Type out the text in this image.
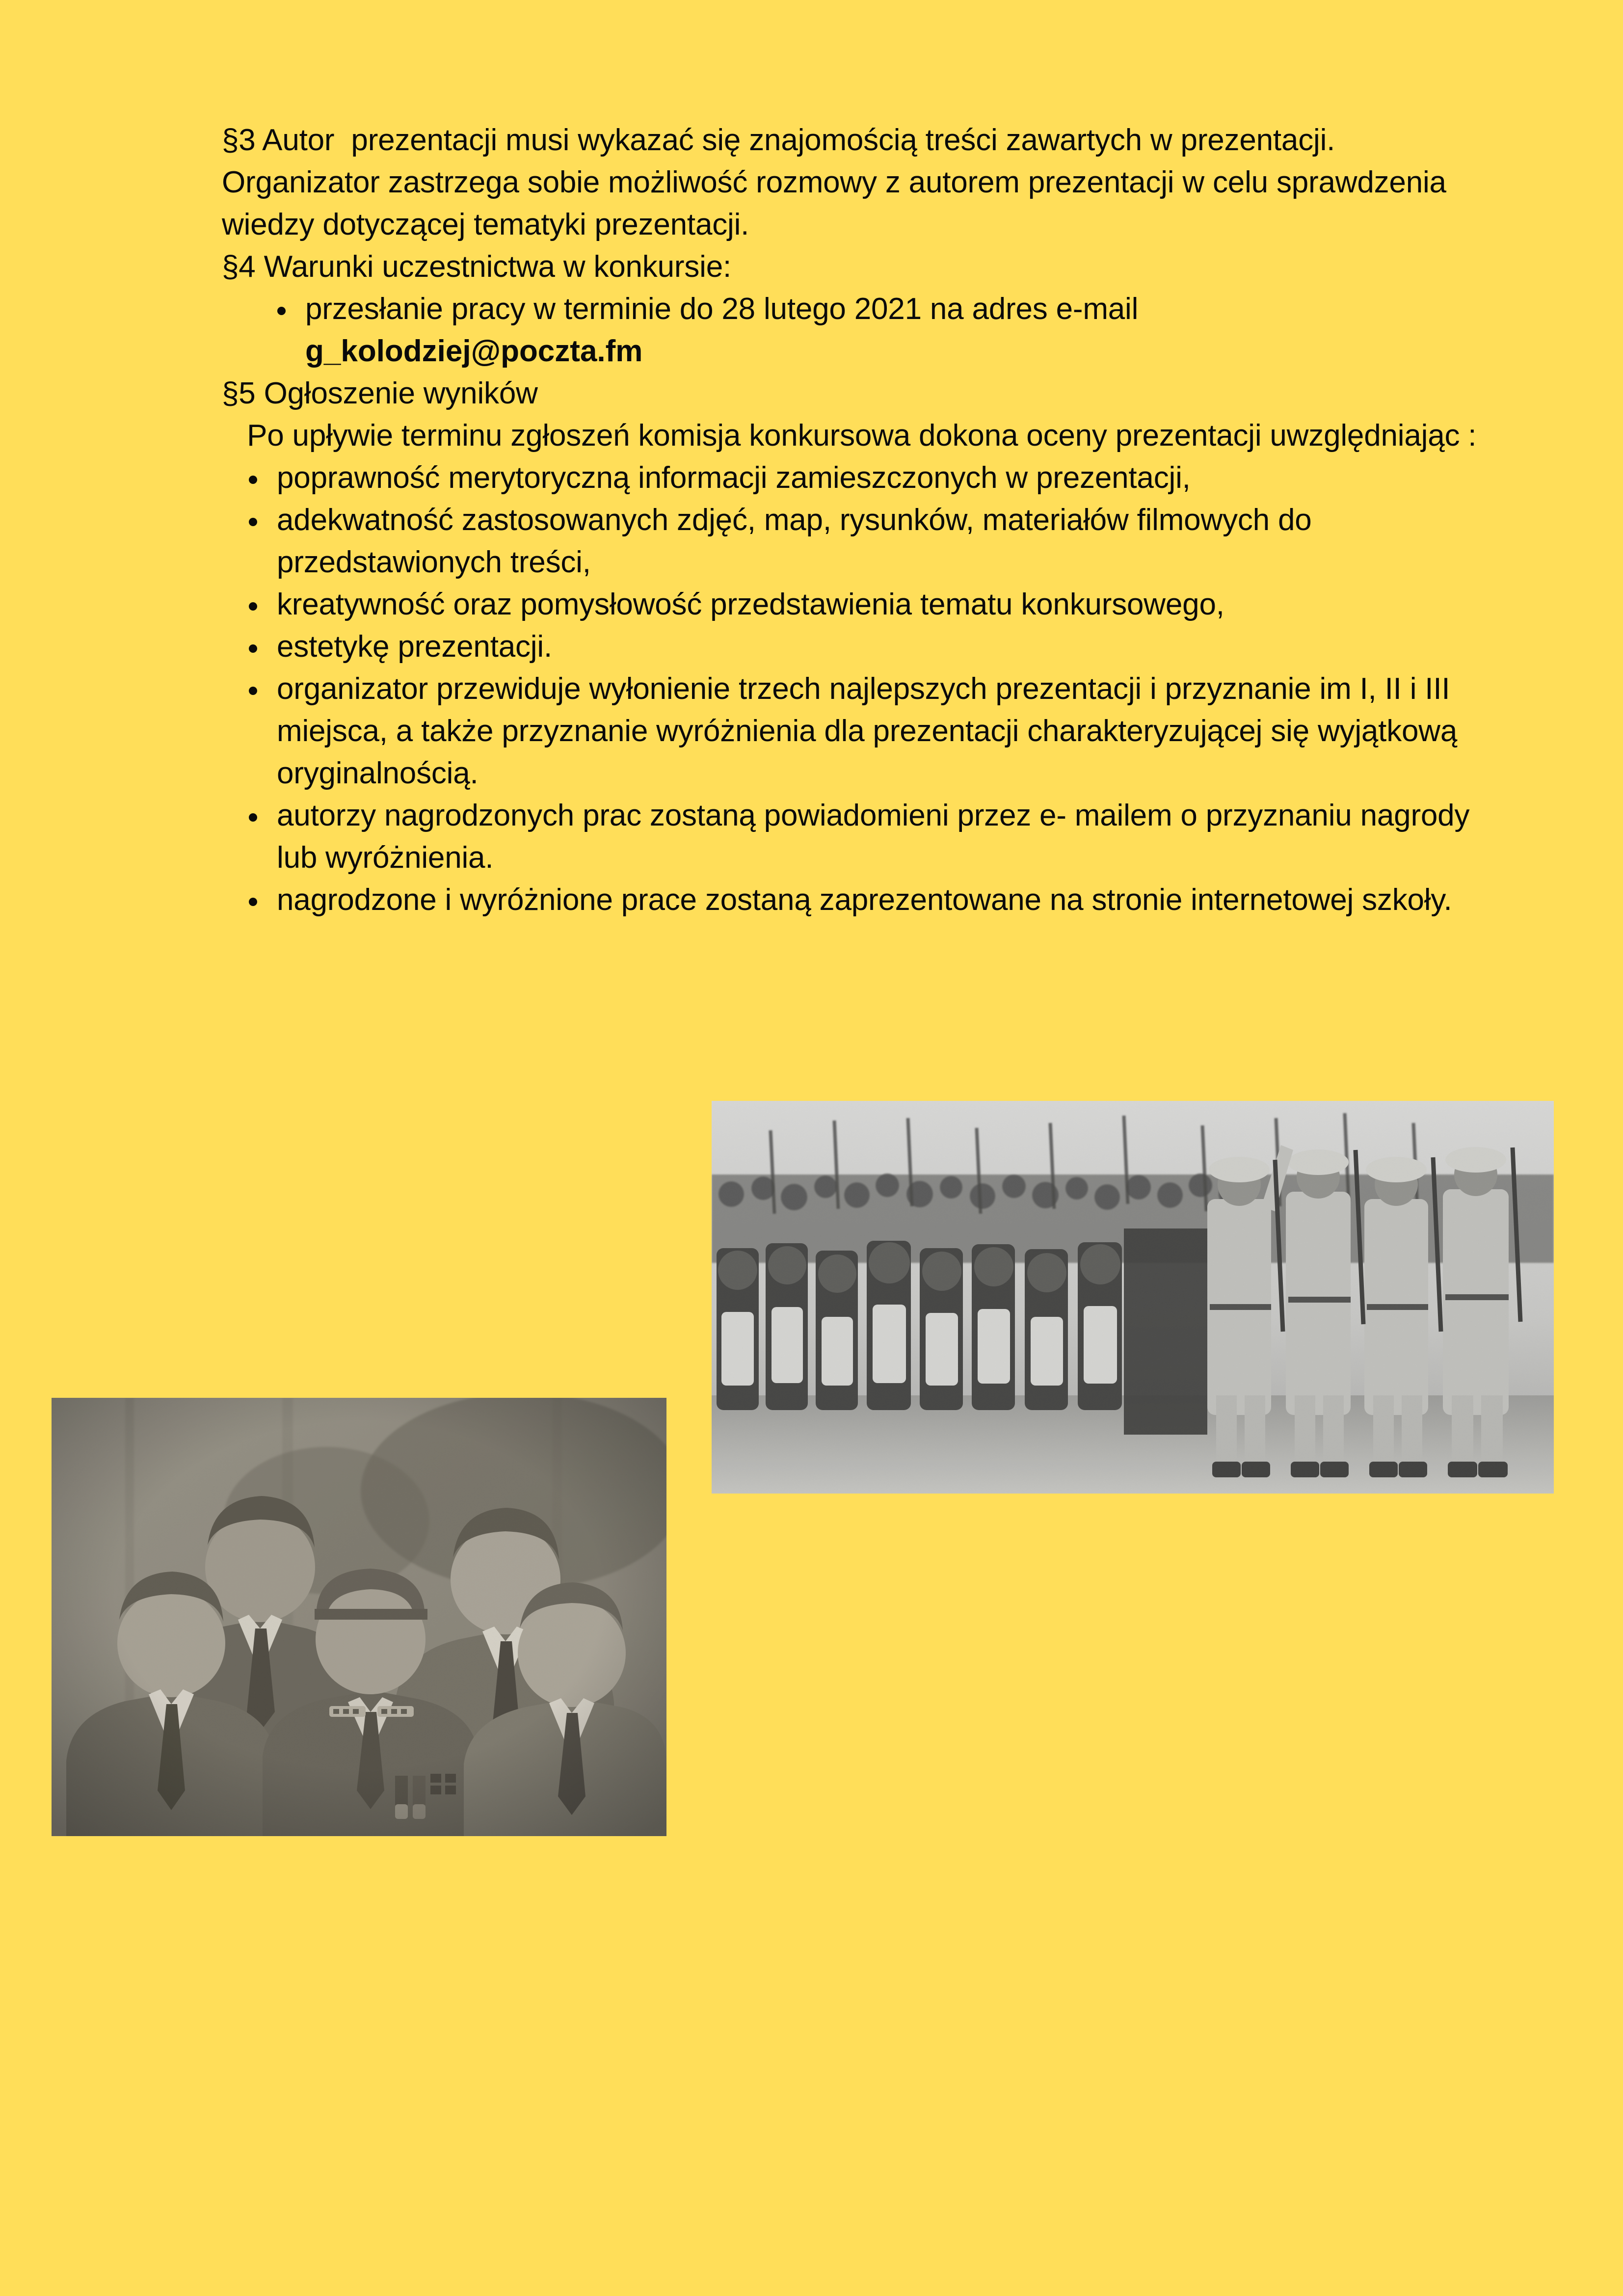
§3 Autor  prezentacji musi wykazać się znajomością treści zawartych w prezentacji. Organizator zastrzega sobie możliwość rozmowy z autorem prezentacji w celu sprawdzenia wiedzy dotyczącej tematyki prezentacji.

§4 Warunki uczestnictwa w konkursie:

przesłanie pracy w terminie do 28 lutego 2021 na adres e-mail
g_kolodziej@poczta.fm

§5 Ogłoszenie wyników

Po upływie terminu zgłoszeń komisja konkursowa dokona oceny prezentacji uwzględniając :

poprawność merytoryczną informacji zamieszczonych w prezentacji,
adekwatność zastosowanych zdjęć, map, rysunków, materiałów filmowych do przedstawionych treści,
kreatywność oraz pomysłowość przedstawienia tematu konkursowego,
estetykę prezentacji.
organizator przewiduje wyłonienie trzech najlepszych prezentacji i przyznanie im I, II i III miejsca, a także przyznanie wyróżnienia dla prezentacji charakteryzującej się wyjątkową oryginalnością.
autorzy nagrodzonych prac zostaną powiadomieni przez e- mailem o przyznaniu nagrody lub wyróżnienia.
nagrodzone i wyróżnione prace zostaną zaprezentowane na stronie internetowej szkoły.
